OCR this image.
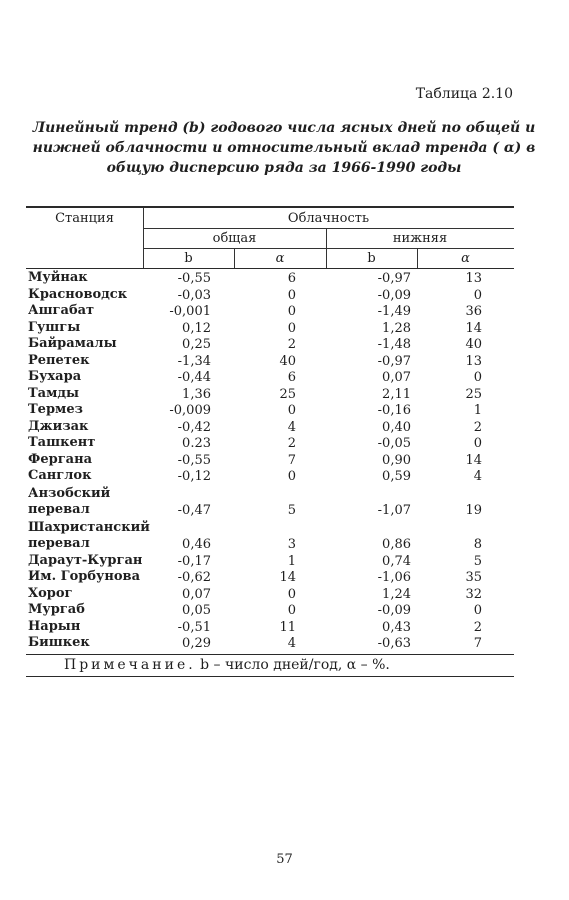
Таблица 2.10
Линейный тренд (b) годового числа ясных дней по общей и
нижней облачности и относительный вклад тренда ( α) в
общую дисперсию ряда за 1966-1990 годы
Станция	Облачность
общая	нижняя
b	α	b	α
Муйнак	-0,55	6	-0,97	13
Красноводск	-0,03	0	-0,09	0
Ашгабат	-0,001	0	-1,49	36
Гушгы	0,12	0	1,28	14
Байрамалы	0,25	2	-1,48	40
Репетек	-1,34	40	-0,97	13
Бухара	-0,44	6	0,07	0
Тамды	1,36	25	2,11	25
Термез	-0,009	0	-0,16	1
Джизак	-0,42	4	0,40	2
Ташкент	0.23	2	-0,05	0
Фергана	-0,55	7	0,90	14
Санглок	-0,12	0	0,59	4
Анзобский перевал	-0,47	5	-1,07	19
Шахристанский перевал	0,46	3	0,86	8
Дараут-Курган	-0,17	1	0,74	5
Им. Горбунова	-0,62	14	-1,06	35
Хорог	0,07	0	1,24	32
Мургаб	0,05	0	-0,09	0
Нарын	-0,51	11	0,43	2
Бишкек	0,29	4	-0,63	7
Примечание. b – число дней/год, α – %.
57
